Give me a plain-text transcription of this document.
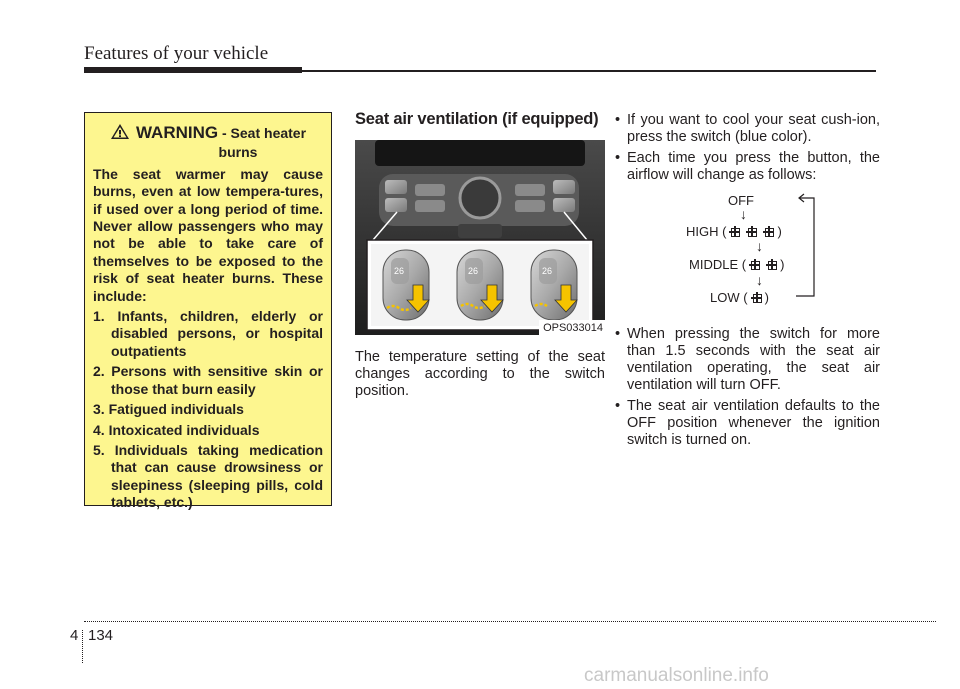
Features of your vehicle
WARNING - Seat heater
burns
The seat warmer may cause burns, even at low tempera-tures, if used over a long period of time. Never allow passengers who may not be able to take care of themselves to be exposed to the risk of seat heater burns. These include:
1. Infants, children, elderly or disabled persons, or hospital outpatients
2. Persons with sensitive skin or those that burn easily
3. Fatigued individuals
4. Intoxicated individuals
5. Individuals taking medication that can cause drowsiness or sleepiness (sleeping pills, cold tablets, etc.)
Seat air ventilation (if equipped)
26	26	26
OPS033014

The temperature setting of the seat changes according to the switch position.

• If you want to cool your seat cush-ion, press the switch (blue color).
• Each time you press the button, the airflow will change as follows:
OFF
↓
HIGH (	)
↓
MIDDLE (	)
↓
LOW ( )
• When pressing the switch for more than 1.5 seconds with the seat air ventilation operating, the seat air ventilation will turn OFF.
• The seat air ventilation defaults to the OFF position whenever the ignition switch is turned on.
4 134
carmanualsonline.info
